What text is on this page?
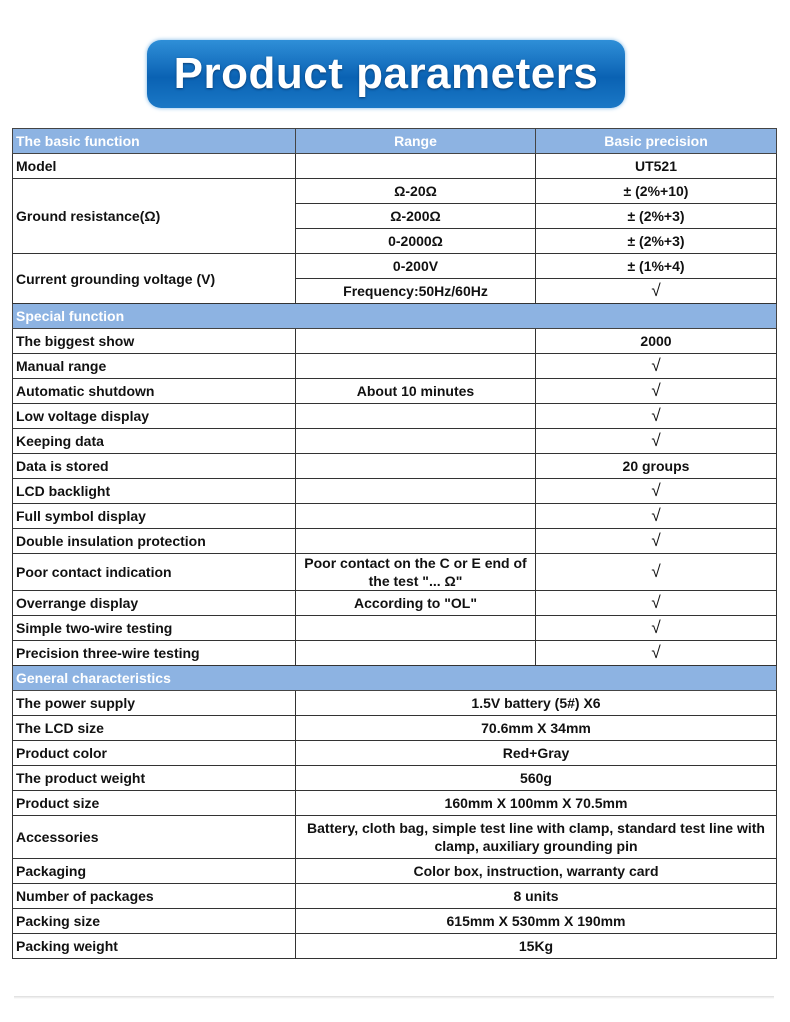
Product parameters
The basic function	Range	Basic precision
Model		UT521
Ground resistance(Ω)	Ω-20Ω	± (2%+10)
	Ω-200Ω	± (2%+3)
	0-2000Ω	± (2%+3)
Current grounding voltage (V)	0-200V	± (1%+4)
	Frequency:50Hz/60Hz	√
Special function		
The biggest show		2000
Manual range		√
Automatic shutdown	About 10 minutes	√
Low voltage display		√
Keeping data		√
Data is stored		20 groups
LCD backlight		√
Full symbol display		√
Double insulation protection		√
Poor contact indication	Poor contact on the C or E end of the test "... Ω"	√
Overrange display	According to "OL"	√
Simple two-wire testing		√
Precision three-wire testing		√
General characteristics		
The power supply	1.5V battery (5#) X6	
The LCD size	70.6mm X 34mm	
Product color	Red+Gray	
The product weight	560g	
Product size	160mm X 100mm X 70.5mm	
Accessories	Battery, cloth bag, simple test line with clamp, standard test line with clamp, auxiliary grounding pin	
Packaging	Color box, instruction, warranty card	
Number of packages	8 units	
Packing size	615mm X 530mm X 190mm	
Packing weight	15Kg	
